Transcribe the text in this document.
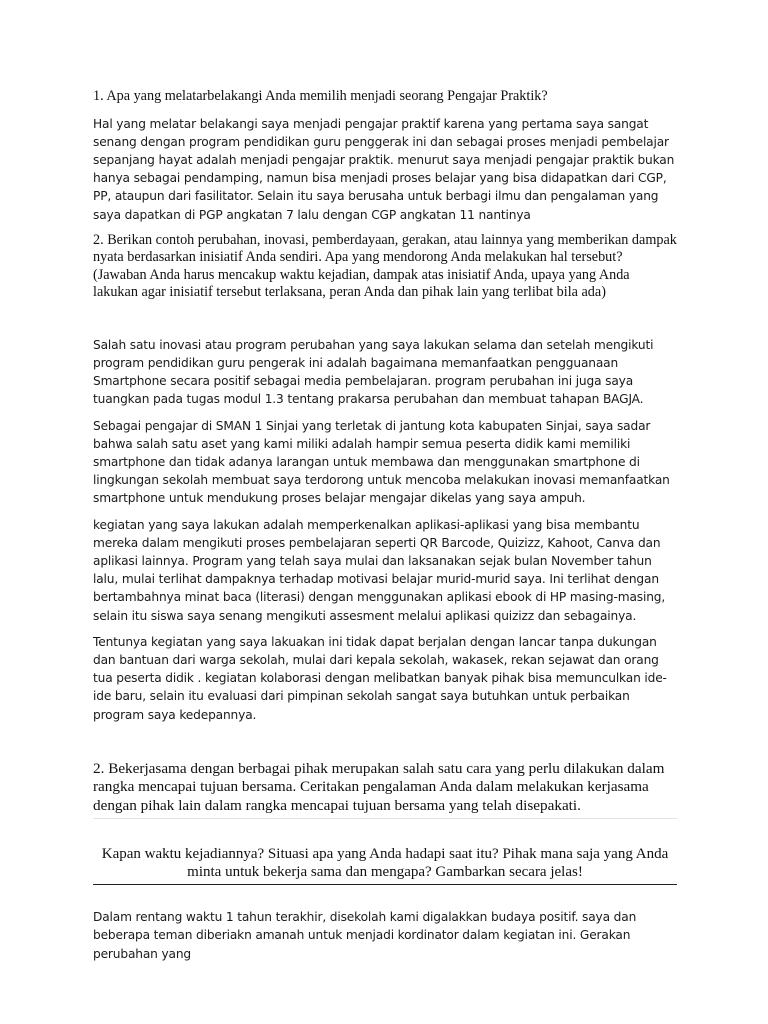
1. Apa yang melatarbelakangi Anda memilih menjadi seorang Pengajar Praktik?

Hal yang melatar belakangi saya menjadi pengajar praktif karena yang pertama saya sangat senang dengan program pendidikan guru penggerak ini dan sebagai proses menjadi pembelajar sepanjang hayat adalah menjadi pengajar praktik. menurut saya menjadi pengajar praktik bukan hanya sebagai pendamping, namun bisa menjadi proses belajar yang bisa didapatkan dari CGP, PP, ataupun dari fasilitator. Selain itu saya berusaha untuk berbagi ilmu dan pengalaman yang saya dapatkan di PGP angkatan 7 lalu dengan CGP angkatan 11 nantinya

2. Berikan contoh perubahan, inovasi, pemberdayaan, gerakan, atau lainnya yang memberikan dampak nyata berdasarkan inisiatif Anda sendiri. Apa yang mendorong Anda melakukan hal tersebut? (Jawaban Anda harus mencakup waktu kejadian, dampak atas inisiatif Anda, upaya yang Anda lakukan agar inisiatif tersebut terlaksana, peran Anda dan pihak lain yang terlibat bila ada)

Salah satu inovasi atau program perubahan yang saya lakukan selama dan setelah mengikuti program pendidikan guru pengerak ini adalah bagaimana memanfaatkan pengguanaan Smartphone secara positif sebagai media pembelajaran. program perubahan ini juga saya tuangkan pada tugas modul 1.3 tentang prakarsa perubahan dan membuat tahapan BAGJA.

Sebagai pengajar di SMAN 1 Sinjai yang terletak di jantung kota kabupaten Sinjai, saya sadar bahwa salah satu aset yang kami miliki adalah hampir semua peserta didik kami memiliki smartphone dan tidak adanya larangan untuk membawa dan menggunakan smartphone di lingkungan sekolah membuat saya terdorong untuk mencoba melakukan inovasi memanfaatkan smartphone untuk mendukung proses belajar mengajar dikelas yang saya ampuh.

kegiatan yang saya lakukan adalah memperkenalkan aplikasi-aplikasi yang bisa membantu mereka dalam mengikuti proses pembelajaran seperti QR Barcode, Quizizz, Kahoot, Canva dan aplikasi lainnya. Program yang telah saya mulai dan laksanakan sejak bulan November tahun lalu, mulai terlihat dampaknya terhadap motivasi belajar murid-murid saya. Ini terlihat dengan bertambahnya minat baca (literasi) dengan menggunakan aplikasi ebook di HP masing-masing, selain itu siswa saya senang mengikuti assesment melalui aplikasi quizizz dan sebagainya.

Tentunya kegiatan yang saya lakuakan ini tidak dapat berjalan dengan lancar tanpa dukungan dan bantuan dari warga sekolah, mulai dari kepala sekolah, wakasek, rekan sejawat dan orang tua peserta didik . kegiatan kolaborasi dengan melibatkan banyak pihak bisa memunculkan ide-ide baru, selain itu evaluasi dari pimpinan sekolah sangat saya butuhkan untuk perbaikan program saya kedepannya.

2. Bekerjasama dengan berbagai pihak merupakan salah satu cara yang perlu dilakukan dalam rangka mencapai tujuan bersama. Ceritakan pengalaman Anda dalam melakukan kerjasama dengan pihak lain dalam rangka mencapai tujuan bersama yang telah disepakati.

Kapan waktu kejadiannya? Situasi apa yang Anda hadapi saat itu? Pihak mana saja yang Anda minta untuk bekerja sama dan mengapa? Gambarkan secara jelas!

Dalam rentang waktu 1 tahun terakhir, disekolah kami digalakkan budaya positif. saya dan beberapa teman diberiakn amanah untuk menjadi kordinator dalam kegiatan ini. Gerakan perubahan yang
